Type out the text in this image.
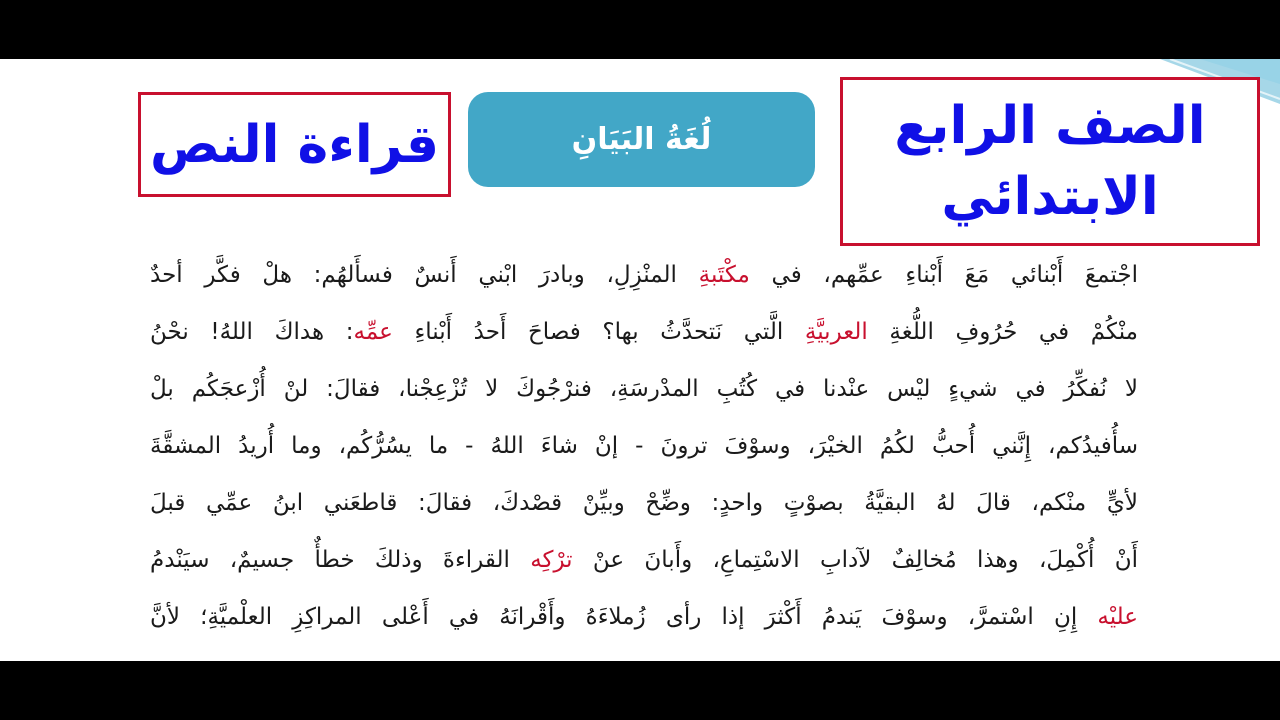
قراءة النص	لُغَةُ البَيَانِ	الصف الرابع
الابتدائي
اجْتمعَ أَبْنائي مَعَ أَبْناءِ عمِّهم، في مكْتَبةِ المنْزِلِ، وبادرَ ابْني أَنسٌ فسأَلهُم: هلْ فكَّر أحدٌ
منْكُمْ في حُرُوفِ اللُّغةِ العربيَّةِ الَّتي نَتحدَّثُ بها؟ فصاحَ أَحدُ أَبْناءِ عمِّه: هداكَ اللهُ! نحْنُ
لا نُفكِّرُ في شيءٍ ليْس عنْدنا في كُتُبِ المدْرسَةِ، فنرْجُوكَ لا تُزْعِجْنا، فقالَ: لنْ أُزْعجَكُم بلْ
سأُفيدُكم، إِنَّني أُحبُّ لكُمُ الخيْرَ، وسوْفَ ترونَ - إنْ شاءَ اللهُ - ما يسُرُّكُم، وما أُريدُ المشقَّةَ
لأيٍّ منْكم، قالَ لهُ البقيَّةُ بصوْتٍ واحدٍ: وضِّحْ وبيِّنْ قصْدكَ، فقالَ: قاطعَني ابنُ عمِّي قبلَ
أَنْ أُكْمِلَ، وهذا مُخالِفٌ لآدابِ الاسْتِماعِ، وأَبانَ عنْ ترْكِه القراءةَ وذلكَ خطأٌ جسيمٌ، سيَنْدمُ
عليْه إِنِ اسْتمرَّ، وسوْفَ يَندمُ أَكْثرَ إذا رأى زُملاءَهُ وأَقْرانَهُ في أَعْلى المراكِزِ العلْميَّةِ؛ لأنَّ
